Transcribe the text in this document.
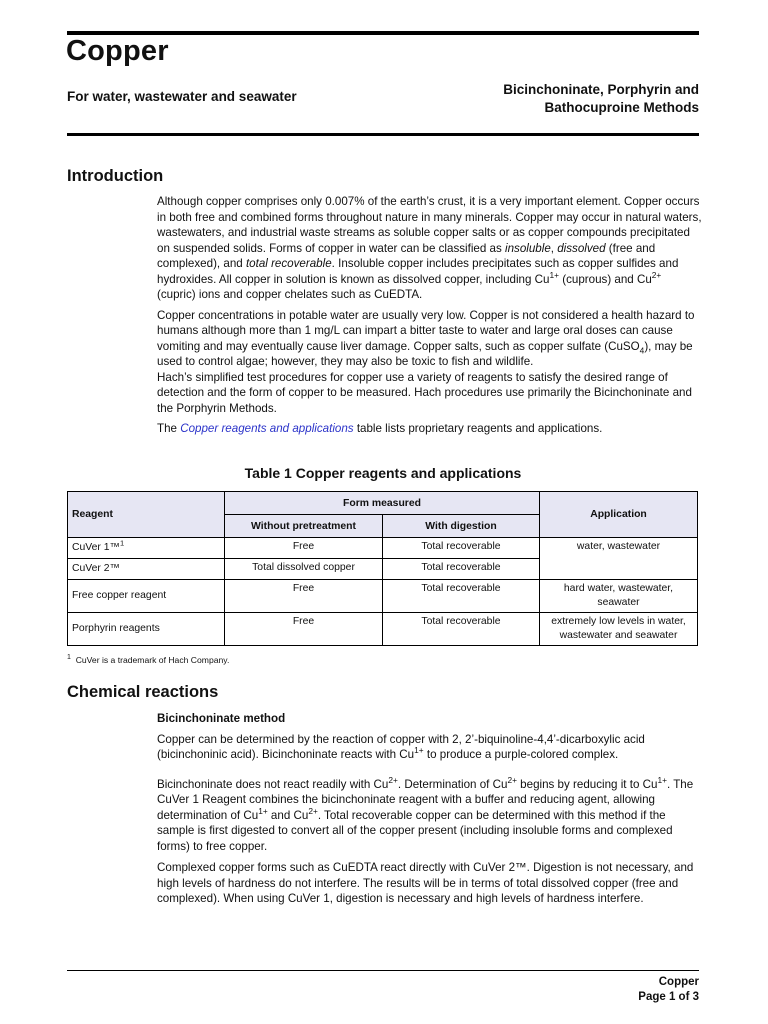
Copper
For water, wastewater and seawater	Bicinchoninate, Porphyrin and
Bathocuproine Methods
Introduction

Although copper comprises only 0.007% of the earth’s crust, it is a very important element. Copper occurs in both free and combined forms throughout nature in many minerals. Copper may occur in natural waters, wastewaters, and industrial waste streams as soluble copper salts or as copper compounds precipitated on suspended solids. Forms of copper in water can be classified as insoluble, dissolved (free and complexed), and total recoverable. Insoluble copper includes precipitates such as copper sulfides and hydroxides. All copper in solution is known as dissolved copper, including $Cu^{1+}$ (cuprous) and $Cu^{2+}$ (cupric) ions and copper chelates such as CuEDTA.

Copper concentrations in potable water are usually very low. Copper is not considered a health hazard to humans although more than 1 mg/L can impart a bitter taste to water and large oral doses can cause vomiting and may eventually cause liver damage. Copper salts, such as copper sulfate (CuSO$_4$), may be used to control algae; however, they may also be toxic to fish and wildlife.

Hach’s simplified test procedures for copper use a variety of reagents to satisfy the desired range of detection and the form of copper to be measured. Hach procedures use primarily the Bicinchoninate and the Porphyrin Methods.

The Copper reagents and applications table lists proprietary reagents and applications.

Table 1 Copper reagents and applications
Reagent	Form measured		Application
	Without pretreatment	With digestion	
CuVer 1™$^1$	Free	Total recoverable	water, wastewater
CuVer 2™	Total dissolved copper	Total recoverable	
Free copper reagent	Free	Total recoverable	hard water, wastewater, seawater
Porphyrin reagents	Free	Total recoverable	extremely low levels in water, wastewater and seawater
$^1$ CuVer is a trademark of Hach Company.
Chemical reactions

Bicinchoninate method

Copper can be determined by the reaction of copper with 2, 2’-biquinoline-4,4’-dicarboxylic acid (bicinchoninic acid). Bicinchoninate reacts with $Cu^{1+}$ to produce a purple-colored complex.

Bicinchoninate does not react readily with $Cu^{2+}$. Determination of $Cu^{2+}$ begins by reducing it to $Cu^{1+}$. The CuVer 1 Reagent combines the bicinchoninate reagent with a buffer and reducing agent, allowing determination of $Cu^{1+}$ and $Cu^{2+}$. Total recoverable copper can be determined with this method if the sample is first digested to convert all of the copper present (including insoluble forms and complexed forms) to free copper.

Complexed copper forms such as CuEDTA react directly with CuVer 2™. Digestion is not necessary, and high levels of hardness do not interfere. The results will be in terms of total dissolved copper (free and complexed). When using CuVer 1, digestion is necessary and high levels of hardness interfere.

Copper
Page 1 of 3
